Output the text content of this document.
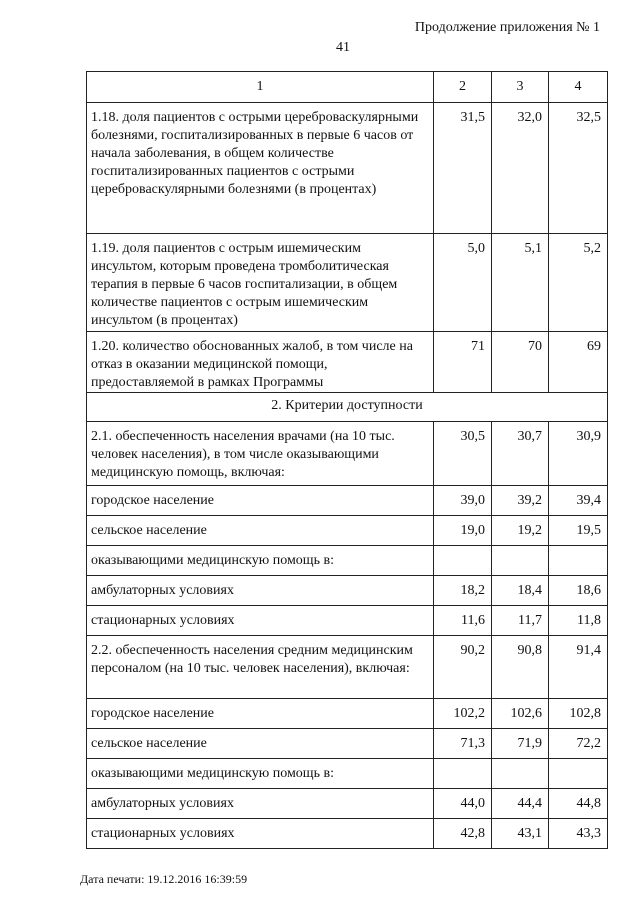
Продолжение приложения № 1
41
1	2	3	4
1.18. доля пациентов с острыми цереброваскулярными болезнями, госпитализированных в первые 6 часов от начала заболевания, в общем количестве госпитализированных пациентов с острыми цереброваскулярными болезнями (в процентах)	31,5	32,0	32,5
1.19. доля пациентов с острым ишемическим инсультом, которым проведена тромболитическая терапия в первые 6 часов госпитализации, в общем количестве пациентов с острым ишемическим инсультом (в процентах)	5,0	5,1	5,2
1.20. количество обоснованных жалоб, в том числе на отказ в оказании медицинской помощи, предоставляемой в рамках Программы	71	70	69
2. Критерии доступности			
2.1. обеспеченность населения врачами (на 10 тыс. человек населения), в том числе оказывающими медицинскую помощь, включая:	30,5	30,7	30,9
городское население	39,0	39,2	39,4
сельское население	19,0	19,2	19,5
оказывающими медицинскую помощь в:			
амбулаторных условиях	18,2	18,4	18,6
стационарных условиях	11,6	11,7	11,8
2.2. обеспеченность населения средним медицинским персоналом (на 10 тыс. человек населения), включая:	90,2	90,8	91,4
городское население	102,2	102,6	102,8
сельское население	71,3	71,9	72,2
оказывающими медицинскую помощь в:			
амбулаторных условиях	44,0	44,4	44,8
стационарных условиях	42,8	43,1	43,3
Дата печати: 19.12.2016 16:39:59
